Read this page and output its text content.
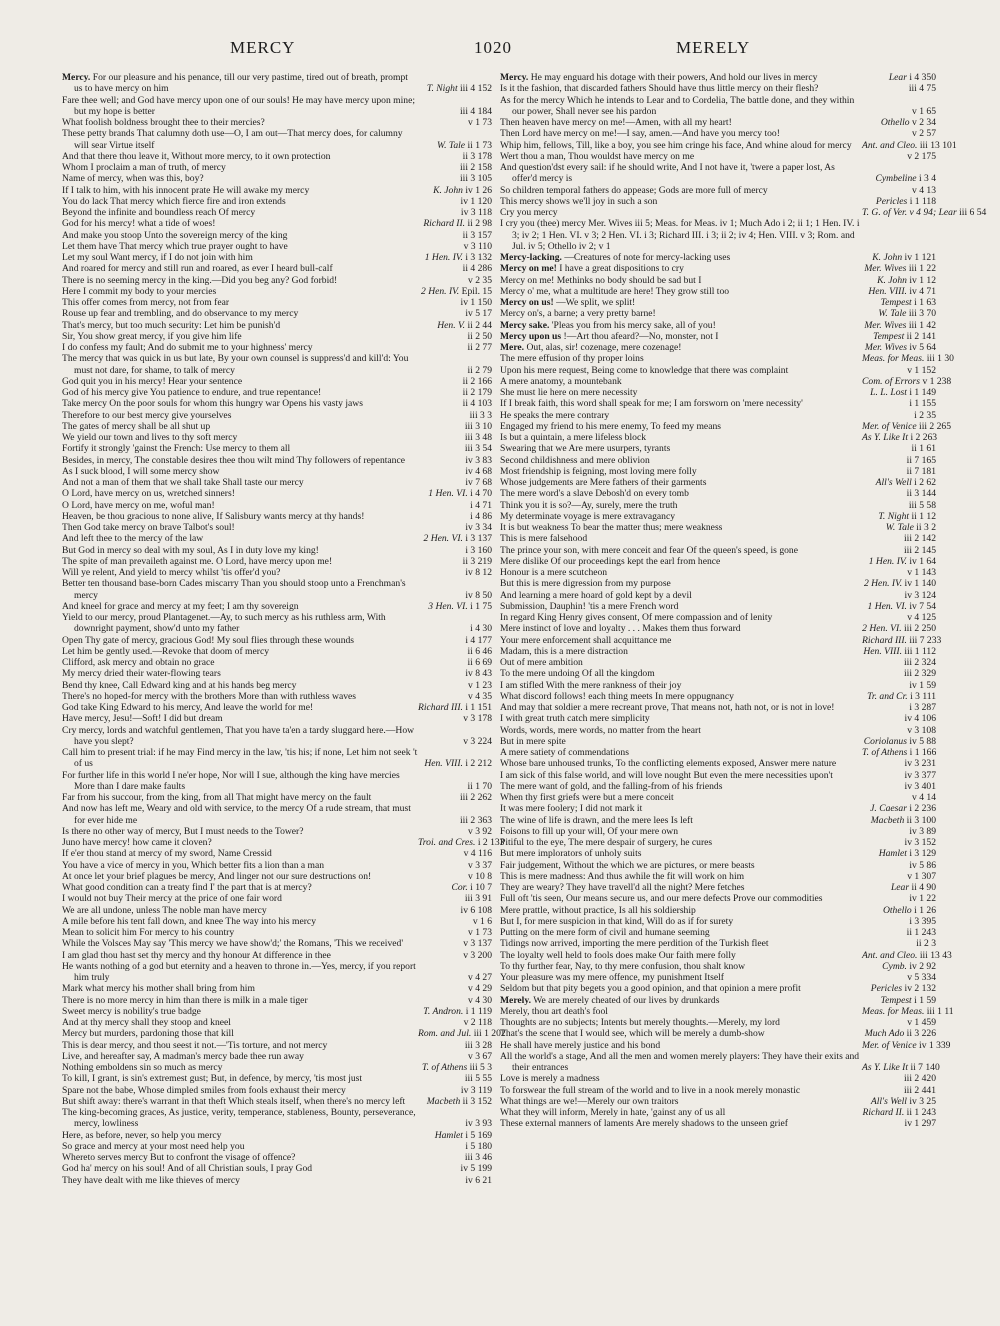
MERCY	1020	MERELY
Mercy. For our pleasure and his penance, till our very pastime, tired out of breath, prompt us to have mercy on him	T. Night iii 4 152
Fare thee well; and God have mercy upon one of our souls! He may have mercy upon mine; but my hope is better	iii 4 184
What foolish boldness brought thee to their mercies?	v 1 73
These petty brands That calumny doth use—O, I am out—That mercy does, for calumny will sear Virtue itself	W. Tale ii 1 73
And that there thou leave it, Without more mercy, to it own protection	ii 3 178
Whom I proclaim a man of truth, of mercy	iii 2 158
Name of mercy, when was this, boy?	iii 3 105
If I talk to him, with his innocent prate He will awake my mercy	K. John iv 1 26
You do lack That mercy which fierce fire and iron extends	iv 1 120
Beyond the infinite and boundless reach Of mercy	iv 3 118
God for his mercy! what a tide of woes!	Richard II. ii 2 98
And make you stoop Unto the sovereign mercy of the king	ii 3 157
Let them have That mercy which true prayer ought to have	v 3 110
Let my soul Want mercy, if I do not join with him	1 Hen. IV. i 3 132
And roared for mercy and still run and roared, as ever I heard bull-calf	ii 4 286
There is no seeming mercy in the king.—Did you beg any? God forbid!	v 2 35
Here I commit my body to your mercies	2 Hen. IV. Epil. 15
This offer comes from mercy, not from fear	iv 1 150
Rouse up fear and trembling, and do observance to my mercy	iv 5 17
That's mercy, but too much security: Let him be punish'd	Hen. V. ii 2 44
Sir, You show great mercy, if you give him life	ii 2 50
I do confess my fault; And do submit me to your highness' mercy	ii 2 77
The mercy that was quick in us but late, By your own counsel is suppress'd and kill'd: You must not dare, for shame, to talk of mercy	ii 2 79
God quit you in his mercy! Hear your sentence	ii 2 166
God of his mercy give You patience to endure, and true repentance!	ii 2 179
Take mercy On the poor souls for whom this hungry war Opens his vasty jaws	ii 4 103
Therefore to our best mercy give yourselves	iii 3 3
The gates of mercy shall be all shut up	iii 3 10
We yield our town and lives to thy soft mercy	iii 3 48
Fortify it strongly 'gainst the French: Use mercy to them all	iii 3 54
Besides, in mercy, The constable desires thee thou wilt mind Thy followers of repentance	iv 3 83
As I suck blood, I will some mercy show	iv 4 68
And not a man of them that we shall take Shall taste our mercy	iv 7 68
O Lord, have mercy on us, wretched sinners!	1 Hen. VI. i 4 70
O Lord, have mercy on me, woful man!	i 4 71
Heaven, be thou gracious to none alive, If Salisbury wants mercy at thy hands!	i 4 86
Then God take mercy on brave Talbot's soul!	iv 3 34
And left thee to the mercy of the law	2 Hen. VI. i 3 137
But God in mercy so deal with my soul, As I in duty love my king!	i 3 160
The spite of man prevaileth against me. O Lord, have mercy upon me!	ii 3 219
Will ye relent, And yield to mercy whilst 'tis offer'd you?	iv 8 12
Better ten thousand base-born Cades miscarry Than you should stoop unto a Frenchman's mercy	iv 8 50
And kneel for grace and mercy at my feet; I am thy sovereign	3 Hen. VI. i 1 75
Yield to our mercy, proud Plantagenet.—Ay, to such mercy as his ruthless arm, With downright payment, show'd unto my father	i 4 30
Open Thy gate of mercy, gracious God! My soul flies through these wounds	i 4 177
Let him be gently used.—Revoke that doom of mercy	ii 6 46
Clifford, ask mercy and obtain no grace	ii 6 69
My mercy dried their water-flowing tears	iv 8 43
Bend thy knee, Call Edward king and at his hands beg mercy	v 1 23
There's no hoped-for mercy with the brothers More than with ruthless waves	v 4 35
God take King Edward to his mercy, And leave the world for me!	Richard III. i 1 151
Have mercy, Jesu!—Soft! I did but dream	v 3 178
Cry mercy, lords and watchful gentlemen, That you have ta'en a tardy sluggard here.—How have you slept?	v 3 224
Call him to present trial: if he may Find mercy in the law, 'tis his; if none, Let him not seek 't of us	Hen. VIII. i 2 212
For further life in this world I ne'er hope, Nor will I sue, although the king have mercies More than I dare make faults	ii 1 70
Far from his succour, from the king, from all That might have mercy on the fault	iii 2 262
And now has left me, Weary and old with service, to the mercy Of a rude stream, that must for ever hide me	iii 2 363
Is there no other way of mercy, But I must needs to the Tower?	v 3 92
Juno have mercy! how came it cloven?	Troi. and Cres. i 2 133
If e'er thou stand at mercy of my sword, Name Cressid	v 4 116
You have a vice of mercy in you, Which better fits a lion than a man	v 3 37
At once let your brief plagues be mercy, And linger not our sure destructions on!	v 10 8
What good condition can a treaty find I' the part that is at mercy?	Cor. i 10 7
I would not buy Their mercy at the price of one fair word	iii 3 91
We are all undone, unless The noble man have mercy	iv 6 108
A mile before his tent fall down, and knee The way into his mercy	v 1 6
Mean to solicit him For mercy to his country	v 1 73
While the Volsces May say 'This mercy we have show'd;' the Romans, 'This we received'	v 3 137
I am glad thou hast set thy mercy and thy honour At difference in thee	v 3 200
He wants nothing of a god but eternity and a heaven to throne in.—Yes, mercy, if you report him truly	v 4 27
Mark what mercy his mother shall bring from him	v 4 29
There is no more mercy in him than there is milk in a male tiger	v 4 30
Sweet mercy is nobility's true badge	T. Andron. i 1 119
And at thy mercy shall they stoop and kneel	v 2 118
Mercy but murders, pardoning those that kill	Rom. and Jul. iii 1 202
This is dear mercy, and thou seest it not.—'Tis torture, and not mercy	iii 3 28
Live, and hereafter say, A madman's mercy bade thee run away	v 3 67
Nothing emboldens sin so much as mercy	T. of Athens iii 5 3
To kill, I grant, is sin's extremest gust; But, in defence, by mercy, 'tis most just	iii 5 55
Spare not the babe, Whose dimpled smiles from fools exhaust their mercy	iv 3 119
But shift away: there's warrant in that theft Which steals itself, when there's no mercy left	Macbeth ii 3 152
The king-becoming graces, As justice, verity, temperance, stableness, Bounty, perseverance, mercy, lowliness	iv 3 93
Here, as before, never, so help you mercy	Hamlet i 5 169
So grace and mercy at your most need help you	i 5 180
Whereto serves mercy But to confront the visage of offence?	iii 3 46
God ha' mercy on his soul! And of all Christian souls, I pray God	iv 5 199
They have dealt with me like thieves of mercy	iv 6 21
Mercy. He may enguard his dotage with their powers, And hold our lives in mercy	Lear i 4 350
Is it the fashion, that discarded fathers Should have thus little mercy on their flesh?	iii 4 75
As for the mercy Which he intends to Lear and to Cordelia, The battle done, and they within our power, Shall never see his pardon	v 1 65
Then heaven have mercy on me!—Amen, with all my heart!	Othello v 2 34
Then Lord have mercy on me!—I say, amen.—And have you mercy too!	v 2 57
Whip him, fellows, Till, like a boy, you see him cringe his face, And whine aloud for mercy Ant. and Cleo. iii 13 101
Wert thou a man, Thou wouldst have mercy on me	v 2 175
And question'dst every sail: if he should write, And I not have it, 'twere a paper lost, As offer'd mercy is	Cymbeline i 3 4
So children temporal fathers do appease; Gods are more full of mercy	v 4 13
This mercy shows we'll joy in such a son	Pericles i 1 118
Cry you mercy	T. G. of Ver. v 4 94; Lear iii 6 54
I cry you (thee) mercy Mer. Wives iii 5; Meas. for Meas. iv 1; Much Ado i 2; ii 1; 1 Hen. IV. i 3; iv 2; 1 Hen. VI. v 3; 2 Hen. VI. i 3; Richard III. i 3; ii 2; iv 4; Hen. VIII. v 3; Rom. and Jul. iv 5; Othello iv 2; v 1
Mercy-lacking. —Creatures of note for mercy-lacking uses	K. John iv 1 121
Mercy on me! I have a great dispositions to cry	Mer. Wives iii 1 22
Mercy on me! Methinks no body should be sad but I	K. John iv 1 12
Mercy o' me, what a multitude are here! They grow still too	Hen. VIII. iv 4 71
Mercy on us! —We split, we split!	Tempest i 1 63
Mercy on's, a barne; a very pretty barne!	W. Tale iii 3 70
Mercy sake. 'Pleas you from his mercy sake, all of you!	Mer. Wives iii 1 42
Mercy upon us !—Art thou afeard?—No, monster, not I	Tempest ii 2 141
Mere. Out, alas, sir! cozenage, mere cozenage!	Mer. Wives iv 5 64
The mere effusion of thy proper loins	Meas. for Meas. iii 1 30
Upon his mere request, Being come to knowledge that there was complaint	v 1 152
A mere anatomy, a mountebank	Com. of Errors v 1 238
She must lie here on mere necessity	L. L. Lost i 1 149
If I break faith, this word shall speak for me; I am forsworn on 'mere necessity'	i 1 155
He speaks the mere contrary	i 2 35
Engaged my friend to his mere enemy, To feed my means	Mer. of Venice iii 2 265
Is but a quintain, a mere lifeless block	As Y. Like It i 2 263
Swearing that we Are mere usurpers, tyrants	ii 1 61
Second childishness and mere oblivion	ii 7 165
Most friendship is feigning, most loving mere folly	ii 7 181
Whose judgements are Mere fathers of their garments	All's Well i 2 62
The mere word's a slave Debosh'd on every tomb	ii 3 144
Think you it is so?—Ay, surely, mere the truth	iii 5 58
My determinate voyage is mere extravagancy	T. Night ii 1 12
It is but weakness To bear the matter thus; mere weakness	W. Tale ii 3 2
This is mere falsehood	iii 2 142
The prince your son, with mere conceit and fear Of the queen's speed, is gone	iii 2 145
Mere dislike Of our proceedings kept the earl from hence	1 Hen. IV. iv 1 64
Honour is a mere scutcheon	v 1 143
But this is mere digression from my purpose	2 Hen. IV. iv 1 140
And learning a mere hoard of gold kept by a devil	iv 3 124
Submission, Dauphin! 'tis a mere French word	1 Hen. VI. iv 7 54
In regard King Henry gives consent, Of mere compassion and of lenity	v 4 125
Mere instinct of love and loyalty . . . Makes them thus forward	2 Hen. VI. iii 2 250
Your mere enforcement shall acquittance me	Richard III. iii 7 233
Madam, this is a mere distraction	Hen. VIII. iii 1 112
Out of mere ambition	iii 2 324
To the mere undoing Of all the kingdom	iii 2 329
I am stifled With the mere rankness of their joy	iv 1 59
What discord follows! each thing meets In mere oppugnancy	Tr. and Cr. i 3 111
And may that soldier a mere recreant prove, That means not, hath not, or is not in love!	i 3 287
I with great truth catch mere simplicity	iv 4 106
Words, words, mere words, no matter from the heart	v 3 108
But in mere spite	Coriolanus iv 5 88
A mere satiety of commendations	T. of Athens i 1 166
Whose bare unhoused trunks, To the conflicting elements exposed, Answer mere nature	iv 3 231
I am sick of this false world, and will love nought But even the mere necessities upon't	iv 3 377
The mere want of gold, and the falling-from of his friends	iv 3 401
When thy first griefs were but a mere conceit	v 4 14
It was mere foolery; I did not mark it	J. Caesar i 2 236
The wine of life is drawn, and the mere lees Is left	Macbeth ii 3 100
Foisons to fill up your will, Of your mere own	iv 3 89
Pitiful to the eye, The mere despair of surgery, he cures	iv 3 152
But mere implorators of unholy suits	Hamlet i 3 129
Fair judgement, Without the which we are pictures, or mere beasts	iv 5 86
This is mere madness: And thus awhile the fit will work on him	v 1 307
They are weary? They have travell'd all the night? Mere fetches	Lear ii 4 90
Full oft 'tis seen, Our means secure us, and our mere defects Prove our commodities	iv 1 22
Mere prattle, without practice, Is all his soldiership	Othello i 1 26
But I, for mere suspicion in that kind, Will do as if for surety	i 3 395
Putting on the mere form of civil and humane seeming	ii 1 243
Tidings now arrived, importing the mere perdition of the Turkish fleet	ii 2 3
The loyalty well held to fools does make Our faith mere folly	Ant. and Cleo. iii 13 43
To thy further fear, Nay, to thy mere confusion, thou shalt know	Cymb. iv 2 92
Your pleasure was my mere offence, my punishment Itself	v 5 334
Seldom but that pity begets you a good opinion, and that opinion a mere profit	Pericles iv 2 132
Merely. We are merely cheated of our lives by drunkards	Tempest i 1 59
Merely, thou art death's fool	Meas. for Meas. iii 1 11
Thoughts are no subjects; Intents but merely thoughts.—Merely, my lord	v 1 459
That's the scene that I would see, which will be merely a dumb-show	Much Ado ii 3 226
He shall have merely justice and his bond	Mer. of Venice iv 1 339
All the world's a stage, And all the men and women merely players: They have their exits and their entrances	As Y. Like It ii 7 140
Love is merely a madness	iii 2 420
To forswear the full stream of the world and to live in a nook merely monastic	iii 2 441
What things are we!—Merely our own traitors	All's Well iv 3 25
What they will inform, Merely in hate, 'gainst any of us all	Richard II. ii 1 243
These external manners of laments Are merely shadows to the unseen grief	iv 1 297
